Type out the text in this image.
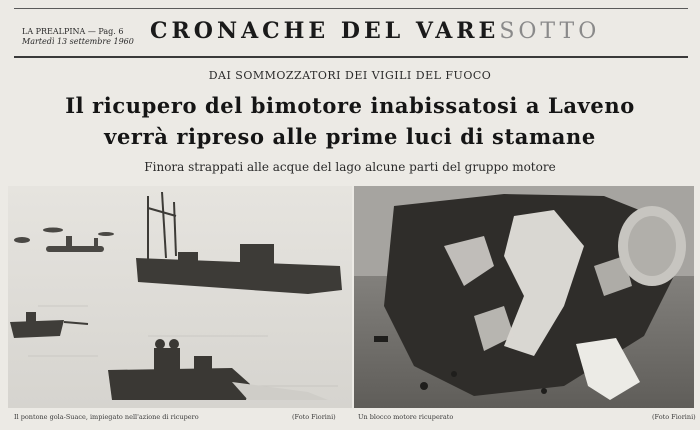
LA PREALPINA — Pag. 6
Martedì 13 settembre 1960 CRONACHE DEL VARESOTTO
DAI SOMMOZZATORI DEI VIGILI DEL FUOCO
Il ricupero del bimotore inabissatosi a Laveno
verrà ripreso alle prime luci di stamane
Finora strappati alle acque del lago alcune parti del gruppo motore
Il pontone gola-Suace, impiegato nell'azione di ricupero	(Foto Fiorini)	Un blocco motore ricuperato	(Foto Fiorini)
